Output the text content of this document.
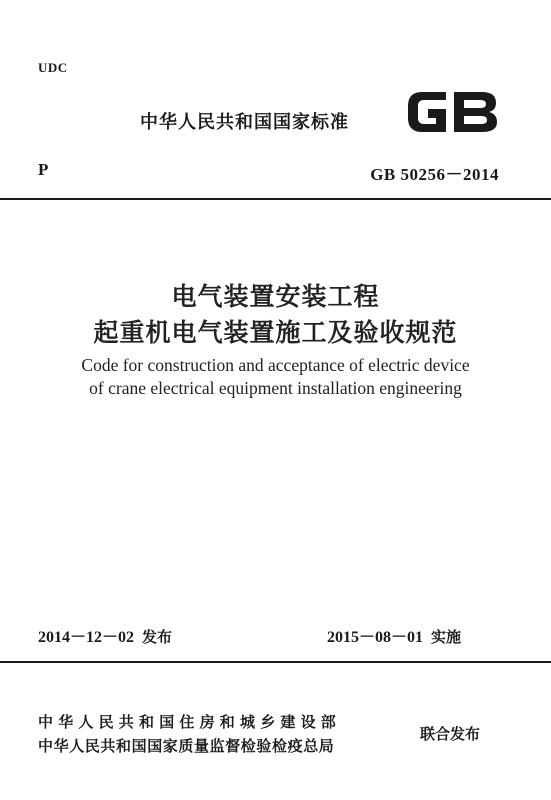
UDC
中华人民共和国国家标准
P	GB 50256－2014
电气装置安装工程
起重机电气装置施工及验收规范
Code for construction and acceptance of electric device
of crane electrical equipment installation engineering
2014－12－02 发布	2015－08－01 实施
中华人民共和国住房和城乡建设部
中华人民共和国国家质量监督检验检疫总局
联合发布
